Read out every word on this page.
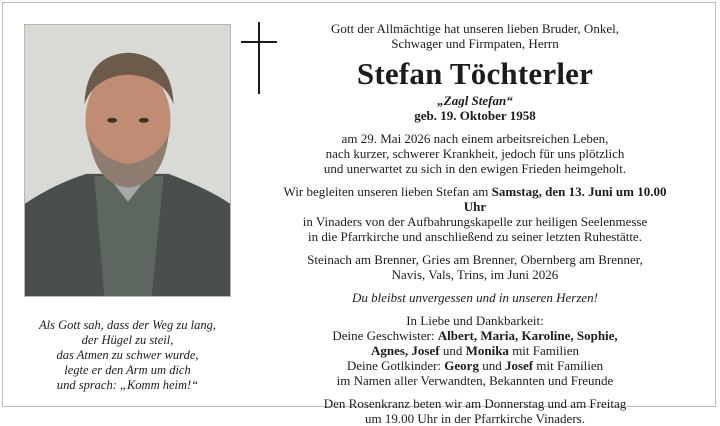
Als Gott sah, dass der Weg zu lang,
der Hügel zu steil,
das Atmen zu schwer wurde,
legte er den Arm um dich
und sprach: „Komm heim!“

Gott der Allmächtige hat unseren lieben Bruder, Onkel,

Schwager und Firmpaten, Herrn

Stefan Töchterler

„Zagl Stefan“

geb. 19. Oktober 1958

am 29. Mai 2026 nach einem arbeitsreichen Leben,

nach kurzer, schwerer Krankheit, jedoch für uns plötzlich

und unerwartet zu sich in den ewigen Frieden heimgeholt.

Wir begleiten unseren lieben Stefan am Samstag, den 13. Juni um 10.00 Uhr

in Vinaders von der Aufbahrungskapelle zur heiligen Seelenmesse

in die Pfarrkirche und anschließend zu seiner letzten Ruhestätte.

Steinach am Brenner, Gries am Brenner, Obernberg am Brenner,

Navis, Vals, Trins, im Juni 2026

Du bleibst unvergessen und in unseren Herzen!

In Liebe und Dankbarkeit:

Deine Geschwister: Albert, Maria, Karoline, Sophie,

Agnes, Josef und Monika mit Familien

Deine Gotlkinder: Georg und Josef mit Familien

im Namen aller Verwandten, Bekannten und Freunde

Den Rosenkranz beten wir am Donnerstag und am Freitag

um 19.00 Uhr in der Pfarrkirche Vinaders.
